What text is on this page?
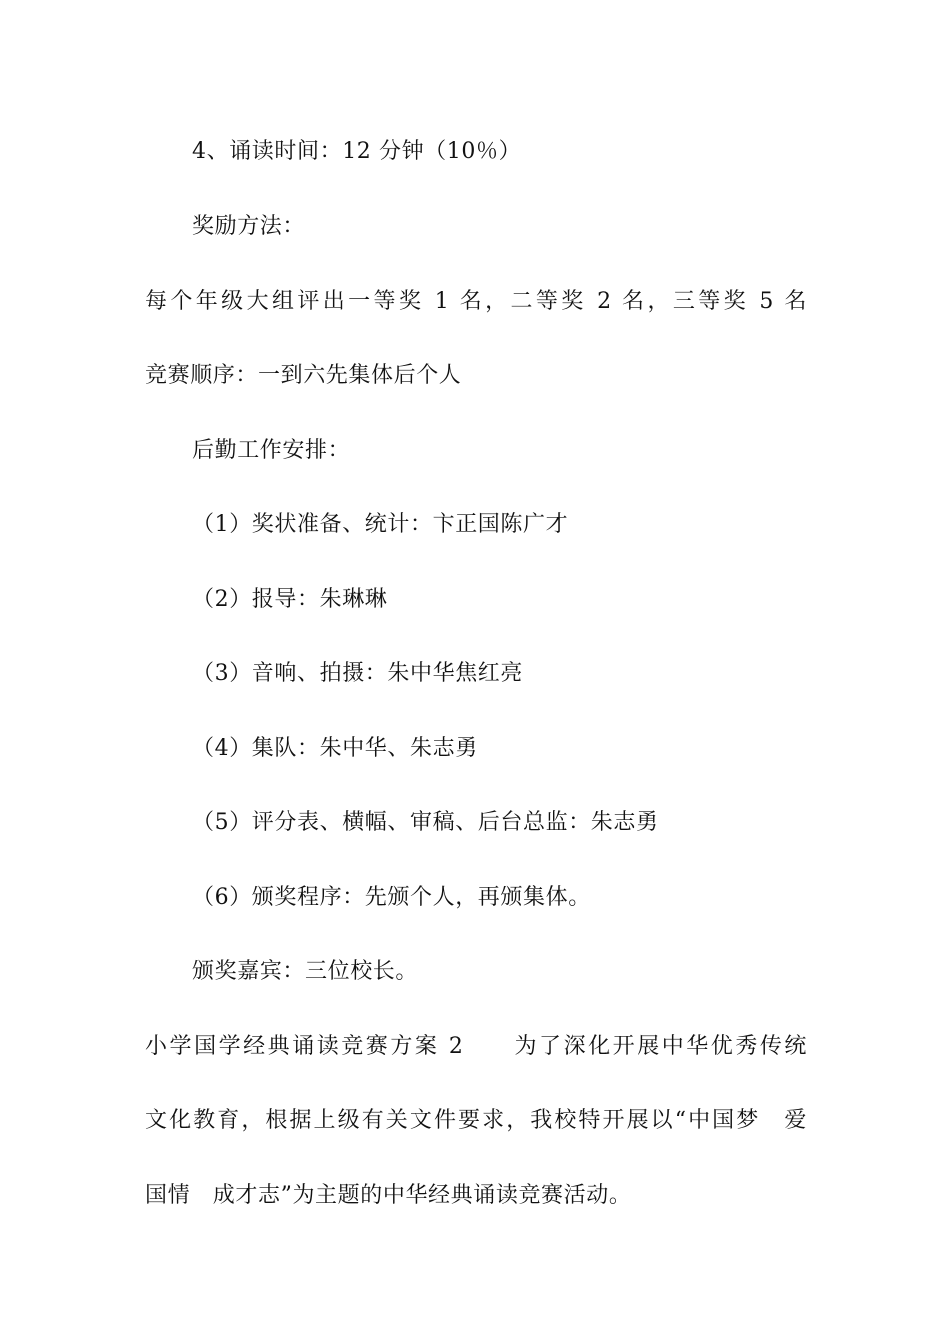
4、诵读时间：12 分钟（10％）
奖励方法：
每个年级大组评出一等奖 1 名，二等奖 2 名，三等奖 5 名
竞赛顺序：一到六先集体后个人
后勤工作安排：
（1）奖状准备、统计：卞正国陈广才
（2）报导：朱琳琳
（3）音响、拍摄：朱中华焦红亮
（4）集队：朱中华、朱志勇
（5）评分表、横幅、审稿、后台总监：朱志勇
（6）颁奖程序：先颁个人，再颁集体。
颁奖嘉宾：三位校长。
小学国学经典诵读竞赛方案 2　　为了深化开展中华优秀传统
文化教育，根据上级有关文件要求，我校特开展以“中国梦　爱
国情　成才志”为主题的中华经典诵读竞赛活动。
